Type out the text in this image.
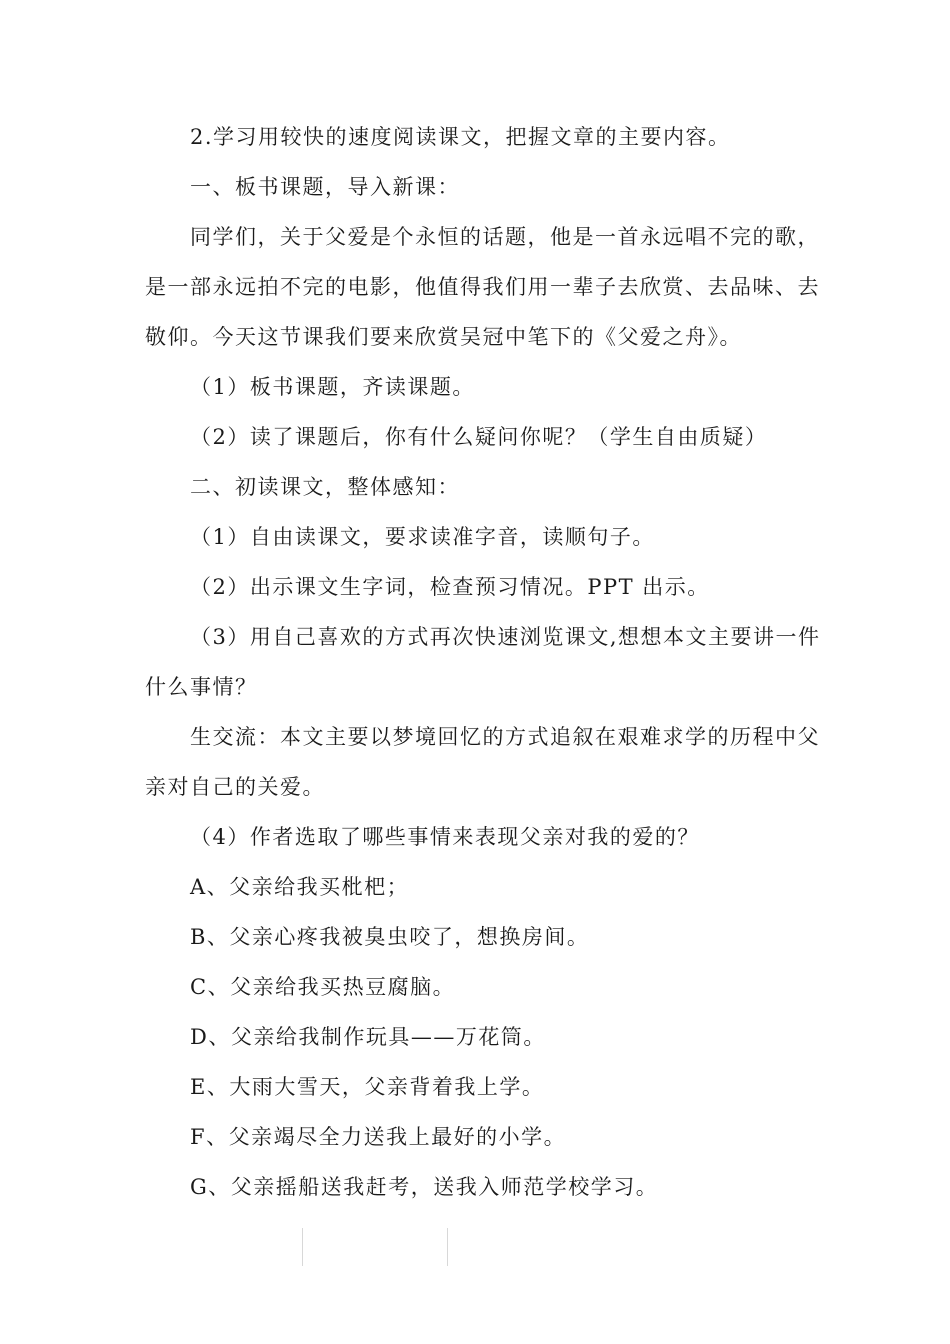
2.学习用较快的速度阅读课文，把握文章的主要内容。
一、板书课题，导入新课：
同学们，关于父爱是个永恒的话题，他是一首永远唱不完的歌，
是一部永远拍不完的电影，他值得我们用一辈子去欣赏、去品味、去
敬仰。今天这节课我们要来欣赏吴冠中笔下的《父爱之舟》。
（1）板书课题，齐读课题。
（2）读了课题后，你有什么疑问你呢？（学生自由质疑）
二、初读课文，整体感知：
（1）自由读课文，要求读准字音，读顺句子。
（2）出示课文生字词，检查预习情况。PPT 出示。
（3）用自己喜欢的方式再次快速浏览课文,想想本文主要讲一件
什么事情？
生交流：本文主要以梦境回忆的方式追叙在艰难求学的历程中父
亲对自己的关爱。
（4）作者选取了哪些事情来表现父亲对我的爱的？
A、父亲给我买枇杷；
B、父亲心疼我被臭虫咬了，想换房间。
C、父亲给我买热豆腐脑。
D、父亲给我制作玩具——万花筒。
E、大雨大雪天，父亲背着我上学。
F、父亲竭尽全力送我上最好的小学。
G、父亲摇船送我赶考，送我入师范学校学习。
